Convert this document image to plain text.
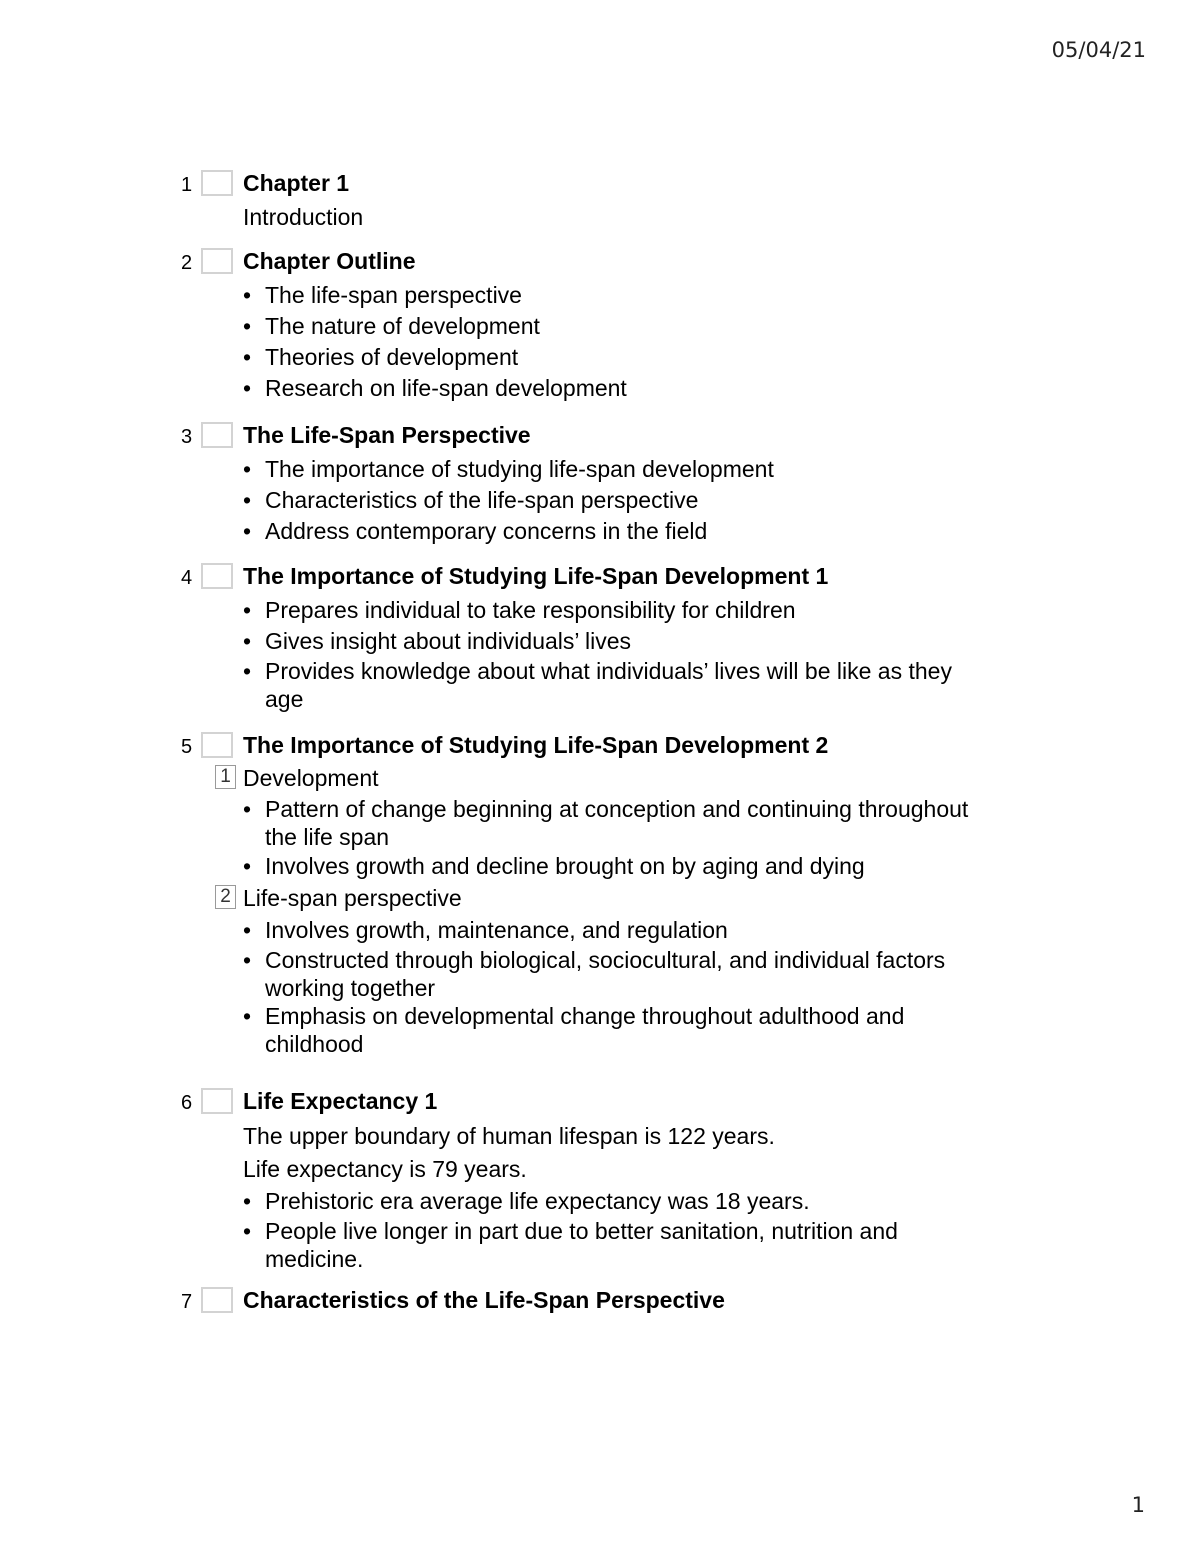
05/04/21
1 Chapter 1

Introduction

2 Chapter Outline
• The life-span perspective
• The nature of development
• Theories of development
• Research on life-span development
3 The Life-Span Perspective
• The importance of studying life-span development
• Characteristics of the life-span perspective
• Address contemporary concerns in the field
4 The Importance of Studying Life-Span Development 1
• Prepares individual to take responsibility for children
• Gives insight about individuals’ lives
• Provides knowledge about what individuals’ lives will be like as they age
5 The Importance of Studying Life-Span Development 2
1 Development
• Pattern of change beginning at conception and continuing throughout the life span
• Involves growth and decline brought on by aging and dying
2 Life-span perspective
• Involves growth, maintenance, and regulation
• Constructed through biological, sociocultural, and individual factors working together
• Emphasis on developmental change throughout adulthood and childhood
6 Life Expectancy 1

The upper boundary of human lifespan is 122 years.

Life expectancy is 79 years.

• Prehistoric era average life expectancy was 18 years.
• People live longer in part due to better sanitation, nutrition and medicine.
7 Characteristics of the Life-Span Perspective
1
